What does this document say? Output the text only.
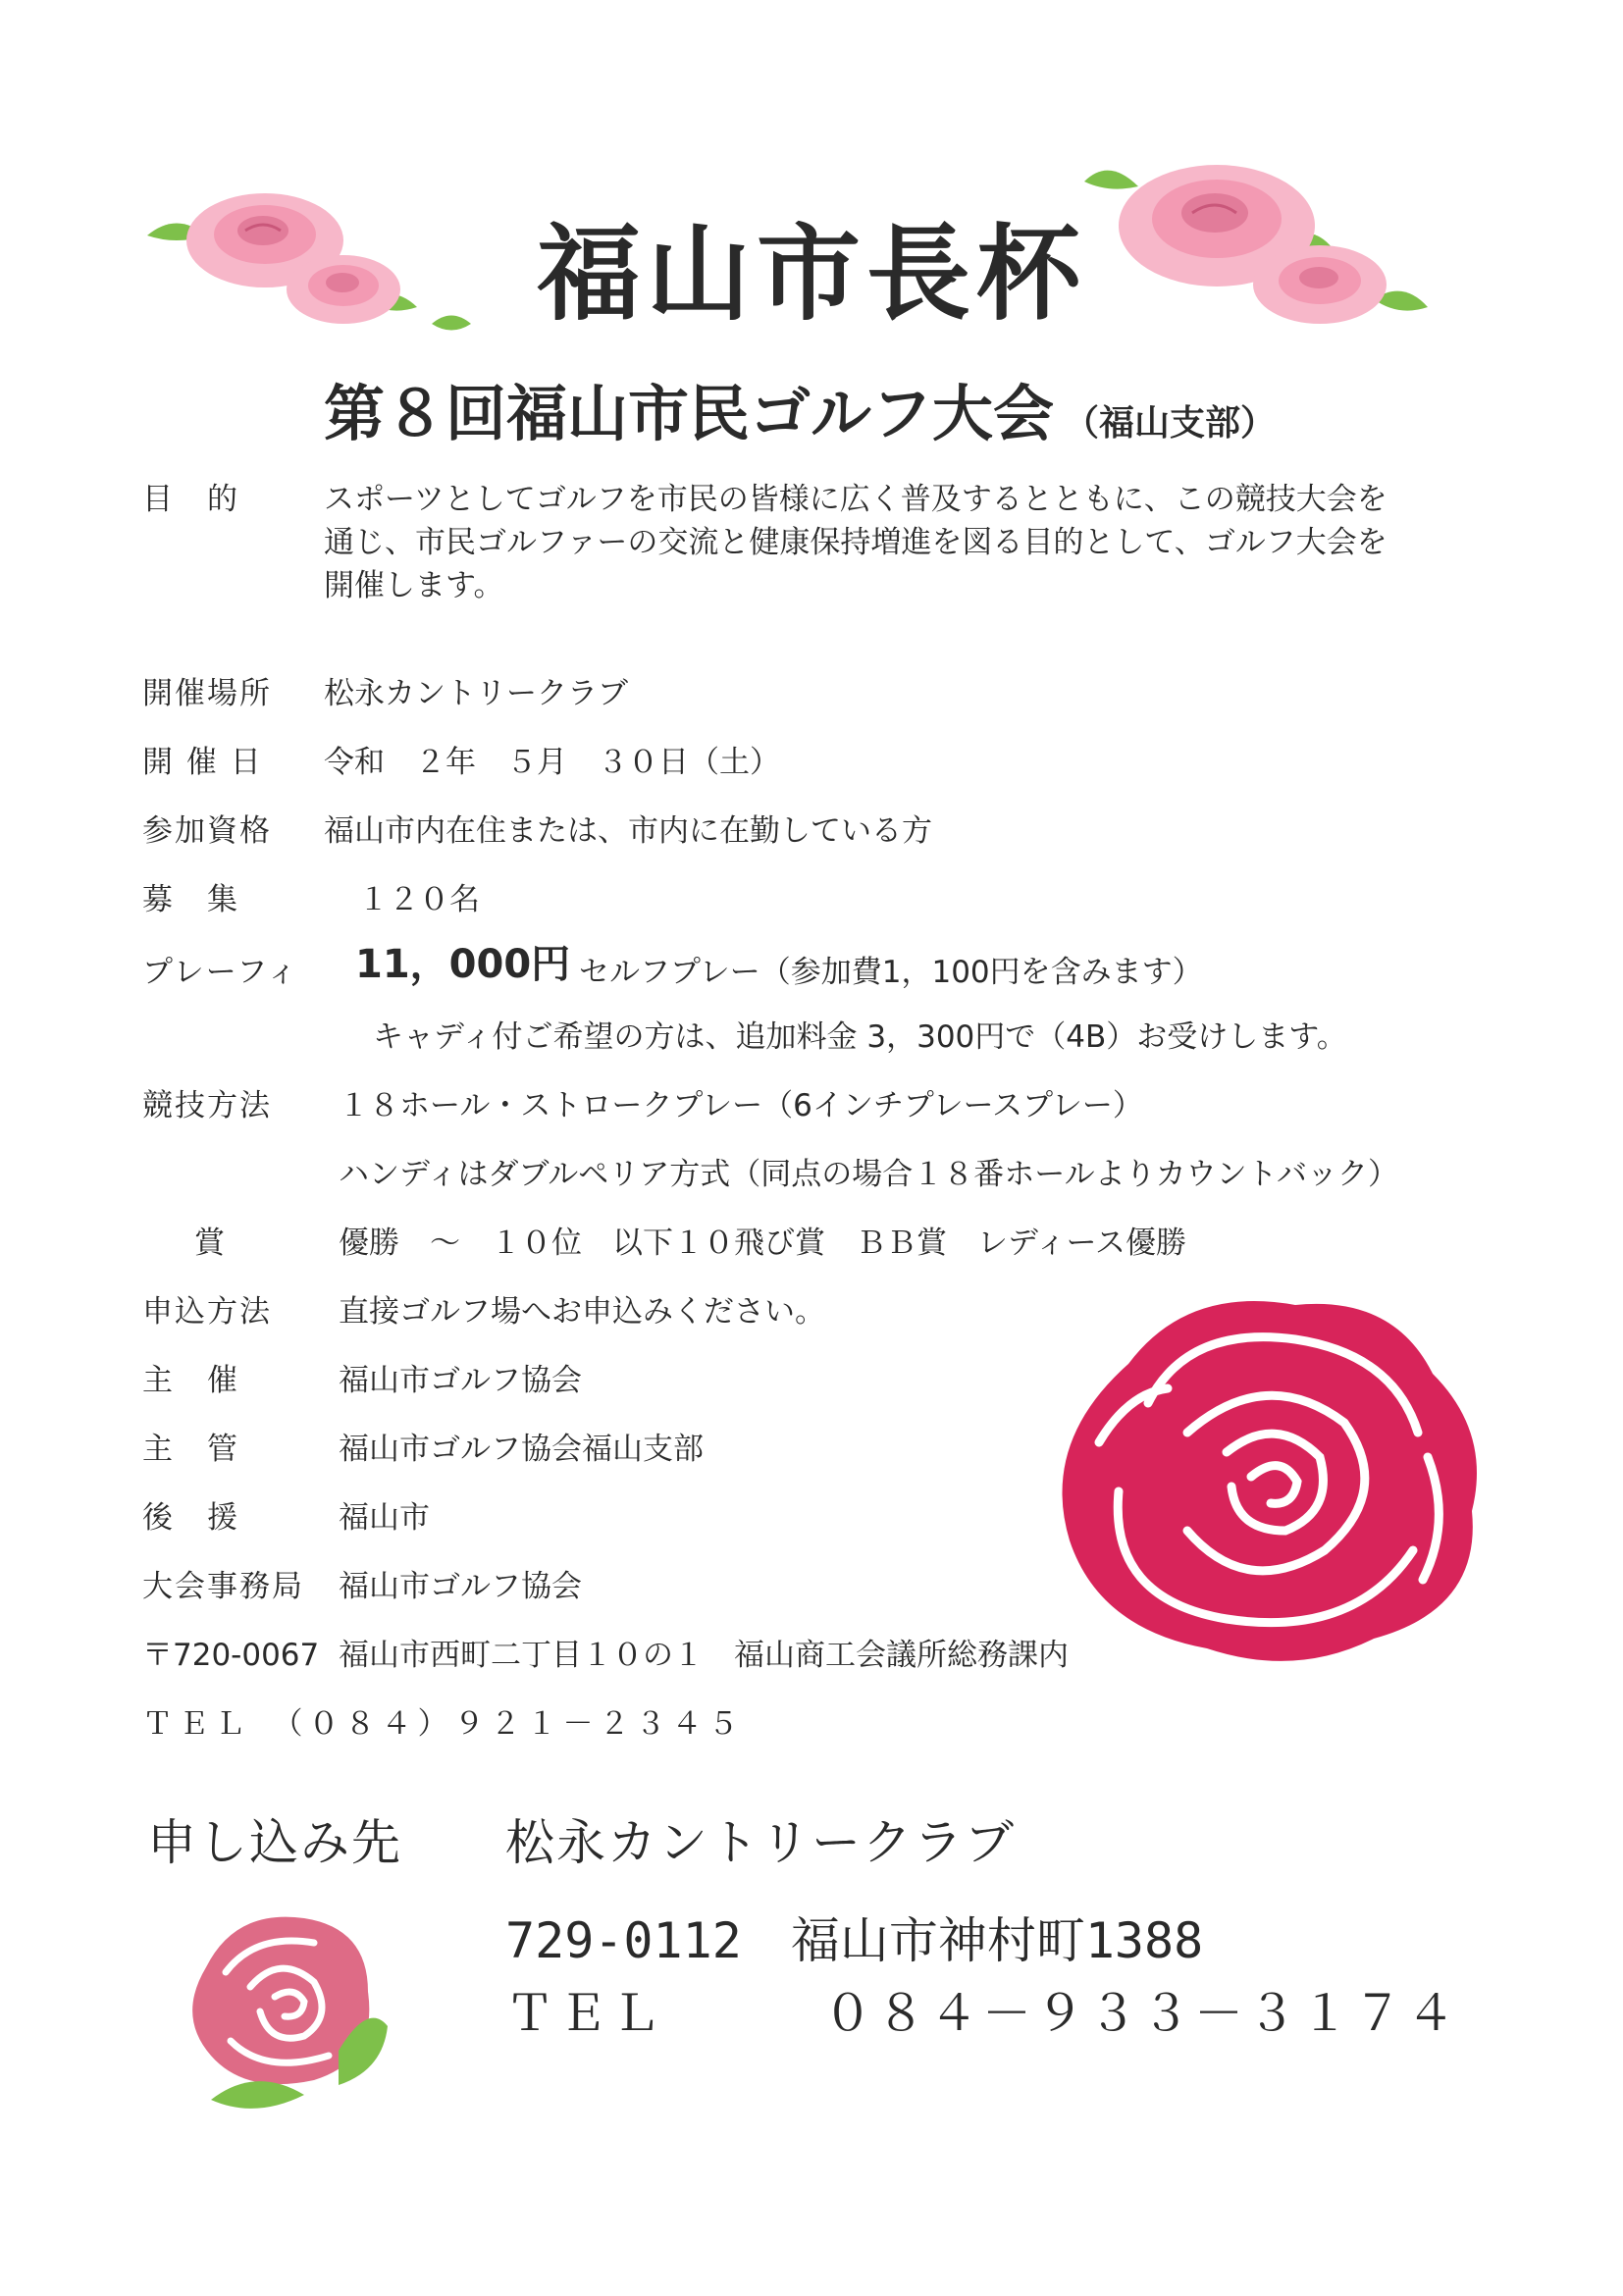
福山市長杯
第８回福山市民ゴルフ大会 （福山支部）
目　的	スポーツとしてゴルフを市民の皆様に広く普及するとともに、この競技大会を
通じ、市民ゴルファーの交流と健康保持増進を図る目的として、ゴルフ大会を
開催します。
開催場所 松永カントリークラブ
開 催 日 令和　２年　５月　３０日（土）
参加資格 福山市内在住または、市内に在勤している方
募　集	１２０名
プレーフィ 11，000円 セルフプレー（参加費1，100円を含みます）
キャディ付ご希望の方は、追加料金 3，300円で（4B）お受けします。
競技方法 １８ホール・ストロークプレー（6インチプレースプレー）
ハンディはダブルペリア方式（同点の場合１８番ホールよりカウントバック）
賞	優勝　～　１０位　以下１０飛び賞　ＢＢ賞　レディース優勝
申込方法 直接ゴルフ場へお申込みください。
主　催	福山市ゴルフ協会
主　管	福山市ゴルフ協会福山支部
後　援	福山市
大会事務局 福山市ゴルフ協会
〒720-0067 福山市西町二丁目１０の１　福山商工会議所総務課内
ＴＥＬ　（０８４）９２１－２３４５
申し込み先 松永カントリークラブ
729-0112　福山市神村町1388
ＴＥＬ　　　０８４－９３３－３１７４
